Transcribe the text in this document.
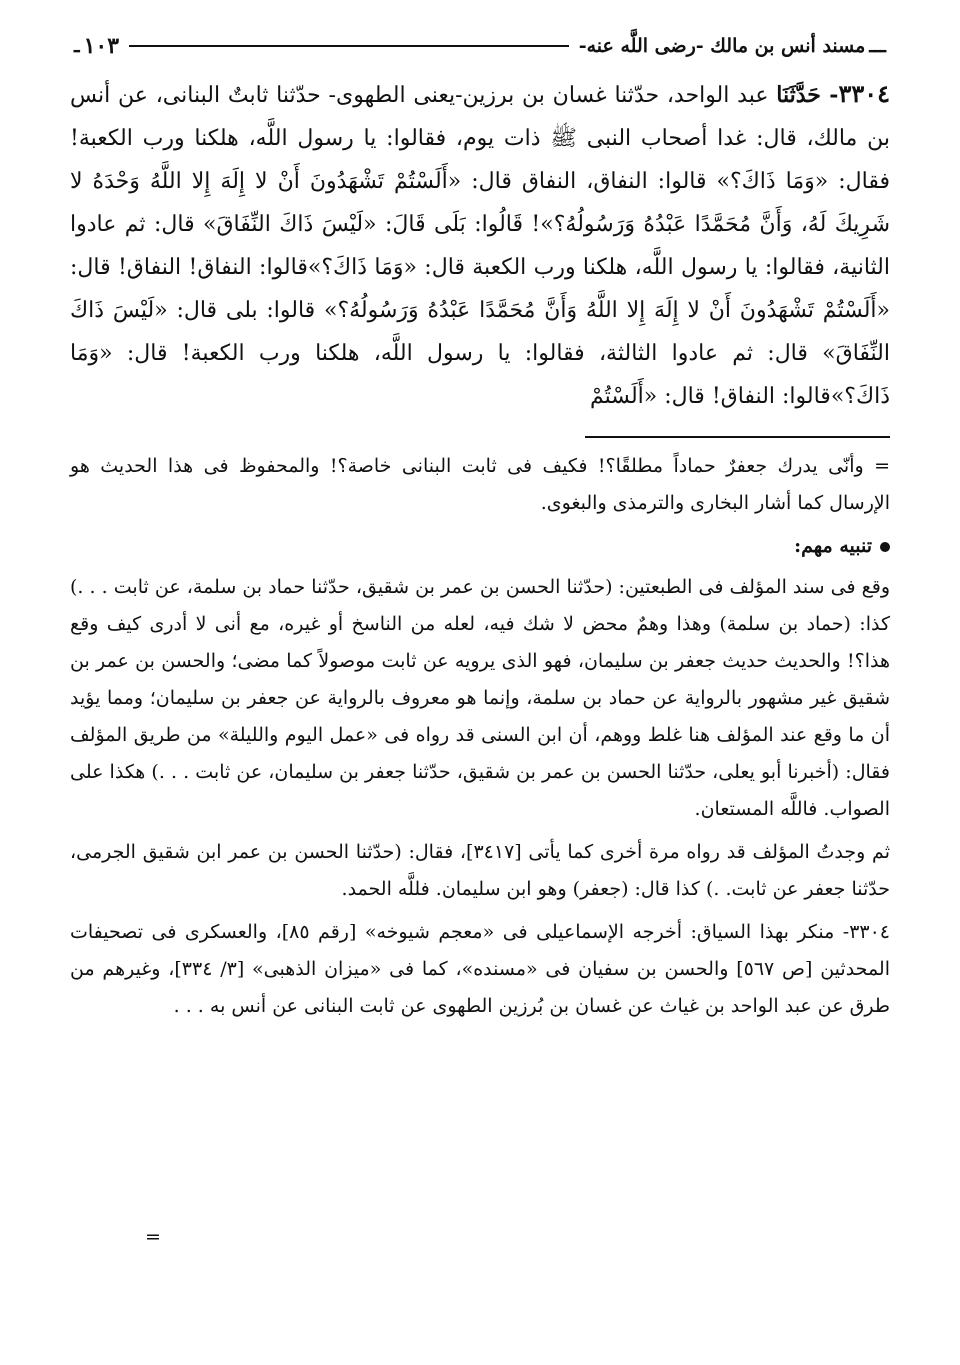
ـــ
مسند أنس بن مالك -رضى اللَّه عنه-
١٠٣
ـ

٣٣٠٤- حَدَّثَنَا عبد الواحد، حدّثنا غسان بن برزين-يعنى الطهوى- حدّثنا ثابتٌ البنانى، عن أنس بن مالك، قال: غدا أصحاب النبى ﷺ ذات يوم، فقالوا: يا رسول اللَّه، هلكنا ورب الكعبة! فقال: «وَمَا ذَاكَ؟» قالوا: النفاق، النفاق قال: «أَلَسْتُمْ تَشْهَدُونَ أَنْ لا إِلَهَ إِلا اللَّهُ وَحْدَهُ لا شَرِيكَ لَهُ، وَأَنَّ مُحَمَّدًا عَبْدُهُ وَرَسُولُهُ؟»! قَالُوا: بَلَى قَالَ: «لَيْسَ ذَاكَ النِّفَاقَ» قال: ثم عادوا الثانية، فقالوا: يا رسول اللَّه، هلكنا ورب الكعبة قال: «وَمَا ذَاكَ؟»قالوا: النفاق! النفاق! قال: «أَلَسْتُمْ تَشْهَدُونَ أَنْ لا إِلَهَ إِلا اللَّهُ وَأَنَّ مُحَمَّدًا عَبْدُهُ وَرَسُولُهُ؟» قالوا: بلى قال: «لَيْسَ ذَاكَ النِّفَاقَ» قال: ثم عادوا الثالثة، فقالوا: يا رسول اللَّه، هلكنا ورب الكعبة! قال: «وَمَا ذَاكَ؟»قالوا: النفاق! قال: «أَلَسْتُمْ

= وأنّى يدرك جعفرٌ حماداً مطلقًا؟! فكيف فى ثابت البنانى خاصة؟! والمحفوظ فى هذا الحديث هو الإرسال كما أشار البخارى والترمذى والبغوى.

تنبيه مهم:

وقع فى سند المؤلف فى الطبعتين: (حدّثنا الحسن بن عمر بن شقيق، حدّثنا حماد بن سلمة، عن ثابت . . .) كذا: (حماد بن سلمة) وهذا وهمٌ محض لا شك فيه، لعله من الناسخ أو غيره، مع أنى لا أدرى كيف وقع هذا؟! والحديث حديث جعفر بن سليمان، فهو الذى يرويه عن ثابت موصولاً كما مضى؛ والحسن بن عمر بن شقيق غير مشهور بالرواية عن حماد بن سلمة، وإنما هو معروف بالرواية عن جعفر بن سليمان؛ ومما يؤيد أن ما وقع عند المؤلف هنا غلط ووهم، أن ابن السنى قد رواه فى «عمل اليوم والليلة» من طريق المؤلف فقال: (أخبرنا أبو يعلى، حدّثنا الحسن بن عمر بن شقيق، حدّثنا جعفر بن سليمان، عن ثابت . . .) هكذا على الصواب. فاللَّه المستعان.

ثم وجدتُ المؤلف قد رواه مرة أخرى كما يأتى [٣٤١٧]، فقال: (حدّثنا الحسن بن عمر ابن شقيق الجرمى، حدّثنا جعفر عن ثابت. .) كذا قال: (جعفر) وهو ابن سليمان. فللَّه الحمد.

٣٣٠٤- منكر بهذا السياق: أخرجه الإسماعيلى فى «معجم شيوخه» [رقم ٨٥]، والعسكرى فى تصحيفات المحدثين [ص ٥٦٧] والحسن بن سفيان فى «مسنده»، كما فى «ميزان الذهبى» [٣/ ٣٣٤]، وغيرهم من طرق عن عبد الواحد بن غياث عن غسان بن بُرزين الطهوى عن ثابت البنانى عن أنس به . . .

=
